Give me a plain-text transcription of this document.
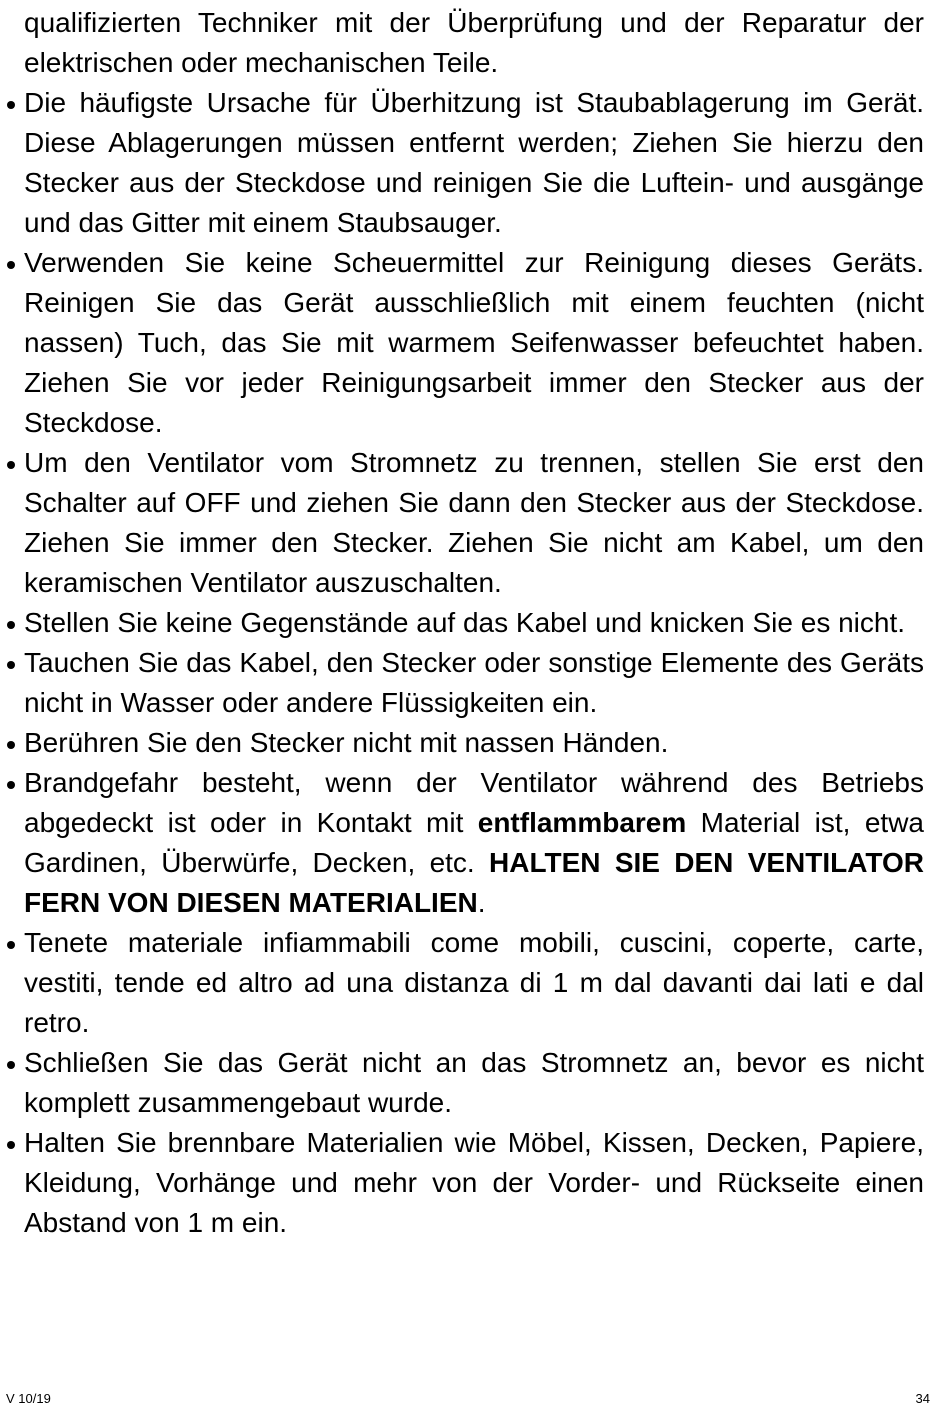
qualifizierten Techniker mit der Überprüfung und der Reparatur der elektrischen oder mechanischen Teile.

Die häufigste Ursache für Überhitzung ist Staubablagerung im Gerät. Diese Ablagerungen müssen entfernt werden; Ziehen Sie hierzu den Stecker aus der Steckdose und reinigen Sie die Luftein- und ausgänge und das Gitter mit einem Staubsauger.
Verwenden Sie keine Scheuermittel zur Reinigung dieses Geräts. Reinigen Sie das Gerät ausschließlich mit einem feuchten (nicht nassen) Tuch, das Sie mit warmem Seifenwasser befeuchtet haben. Ziehen Sie vor jeder Reinigungsarbeit immer den Stecker aus der Steckdose.
Um den Ventilator vom Stromnetz zu trennen, stellen Sie erst den Schalter auf OFF und ziehen Sie dann den Stecker aus der Steckdose. Ziehen Sie immer den Stecker. Ziehen Sie nicht am Kabel, um den keramischen Ventilator auszuschalten.
Stellen Sie keine Gegenstände auf das Kabel und knicken Sie es nicht.
Tauchen Sie das Kabel, den Stecker oder sonstige Elemente des Geräts nicht in Wasser oder andere Flüssigkeiten ein.
Berühren Sie den Stecker nicht mit nassen Händen.
Brandgefahr besteht, wenn der Ventilator während des Betriebs abgedeckt ist oder in Kontakt mit entflammbarem Material ist, etwa Gardinen, Überwürfe, Decken, etc. HALTEN SIE DEN VENTILATOR FERN VON DIESEN MATERIALIEN.
Tenete materiale infiammabili come mobili, cuscini, coperte, carte, vestiti, tende ed altro ad una distanza di 1 m dal davanti dai lati e dal retro.
Schließen Sie das Gerät nicht an das Stromnetz an, bevor es nicht komplett zusammengebaut wurde.
Halten Sie brennbare Materialien wie Möbel, Kissen, Decken, Papiere, Kleidung, Vorhänge und mehr von der Vorder- und Rückseite einen Abstand von 1 m ein.
V 10/19	34
